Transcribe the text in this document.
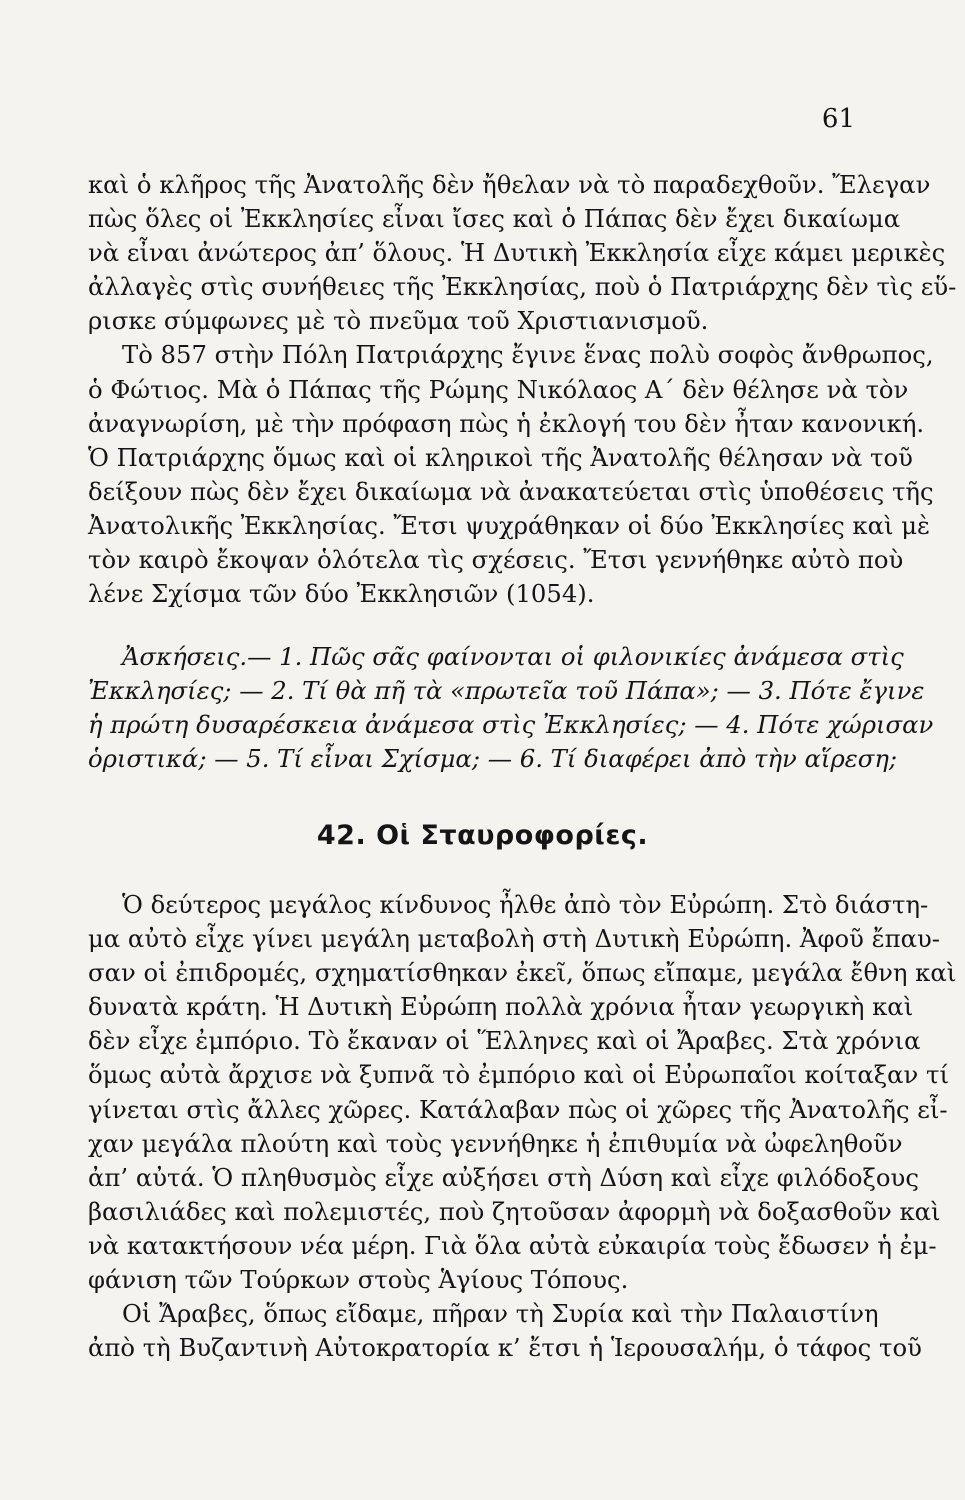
61
καὶ ὁ κλῆρος τῆς Ἀνατολῆς δὲν ἤθελαν νὰ τὸ παραδεχθοῦν. Ἔλεγαν
πὼς ὅλες οἱ Ἐκκλησίες εἶναι ἴσες καὶ ὁ Πάπας δὲν ἔχει δικαίωμα
νὰ εἶναι ἀνώτερος ἀπ’ ὅλους. Ἡ Δυτικὴ Ἐκκλησία εἶχε κάμει μερικὲς
ἀλλαγὲς στὶς συνήθειες τῆς Ἐκκλησίας, ποὺ ὁ Πατριάρχης δὲν τὶς εὕ-
ρισκε σύμφωνες μὲ τὸ πνεῦμα τοῦ Χριστιανισμοῦ.
Τὸ 857 στὴν Πόλη Πατριάρχης ἔγινε ἕνας πολὺ σοφὸς ἄνθρωπος,
ὁ Φώτιος. Μὰ ὁ Πάπας τῆς Ρώμης Νικόλαος Α΄ δὲν θέλησε νὰ τὸν
ἀναγνωρίση, μὲ τὴν πρόφαση πὼς ἡ ἐκλογή του δὲν ἦταν κανονική.
Ὁ Πατριάρχης ὅμως καὶ οἱ κληρικοὶ τῆς Ἀνατολῆς θέλησαν νὰ τοῦ
δείξουν πὼς δὲν ἔχει δικαίωμα νὰ ἀνακατεύεται στὶς ὑποθέσεις τῆς
Ἀνατολικῆς Ἐκκλησίας. Ἔτσι ψυχράθηκαν οἱ δύο Ἐκκλησίες καὶ μὲ
τὸν καιρὸ ἔκοψαν ὁλότελα τὶς σχέσεις. Ἔτσι γεννήθηκε αὐτὸ ποὺ
λένε Σχίσμα τῶν δύο Ἐκκλησιῶν (1054).
Ἀσκήσεις.— 1. Πῶς σᾶς φαίνονται οἱ φιλονικίες ἀνάμεσα στὶς
Ἐκκλησίες; — 2. Τί θὰ πῆ τὰ «πρωτεῖα τοῦ Πάπα»; — 3. Πότε ἔγινε
ἡ πρώτη δυσαρέσκεια ἀνάμεσα στὶς Ἐκκλησίες; — 4. Πότε χώρισαν
ὁριστικά; — 5. Τί εἶναι Σχίσμα; — 6. Τί διαφέρει ἀπὸ τὴν αἵρεση;
42. Οἱ Σταυροφορίες.
Ὁ δεύτερος μεγάλος κίνδυνος ἦλθε ἀπὸ τὸν Εὐρώπη. Στὸ διάστη-
μα αὐτὸ εἶχε γίνει μεγάλη μεταβολὴ στὴ Δυτικὴ Εὐρώπη. Ἀφοῦ ἔπαυ-
σαν οἱ ἐπιδρομές, σχηματίσθηκαν ἐκεῖ, ὅπως εἴπαμε, μεγάλα ἔθνη καὶ
δυνατὰ κράτη. Ἡ Δυτικὴ Εὐρώπη πολλὰ χρόνια ἦταν γεωργικὴ καὶ
δὲν εἶχε ἐμπόριο. Τὸ ἔκαναν οἱ Ἕλληνες καὶ οἱ Ἄραβες. Στὰ χρόνια
ὅμως αὐτὰ ἄρχισε νὰ ξυπνᾶ τὸ ἐμπόριο καὶ οἱ Εὐρωπαῖοι κοίταξαν τί
γίνεται στὶς ἄλλες χῶρες. Κατάλαβαν πὼς οἱ χῶρες τῆς Ἀνατολῆς εἶ-
χαν μεγάλα πλούτη καὶ τοὺς γεννήθηκε ἡ ἐπιθυμία νὰ ὠφεληθοῦν
ἀπ’ αὐτά. Ὁ πληθυσμὸς εἶχε αὐξήσει στὴ Δύση καὶ εἶχε φιλόδοξους
βασιλιάδες καὶ πολεμιστές, ποὺ ζητοῦσαν ἀφορμὴ νὰ δοξασθοῦν καὶ
νὰ κατακτήσουν νέα μέρη. Γιὰ ὅλα αὐτὰ εὐκαιρία τοὺς ἔδωσεν ἡ ἐμ-
φάνιση τῶν Τούρκων στοὺς Ἁγίους Τόπους.
Οἱ Ἄραβες, ὅπως εἴδαμε, πῆραν τὴ Συρία καὶ τὴν Παλαιστίνη
ἀπὸ τὴ Βυζαντινὴ Αὐτοκρατορία κ’ ἔτσι ἡ Ἱερουσαλήμ, ὁ τάφος τοῦ
